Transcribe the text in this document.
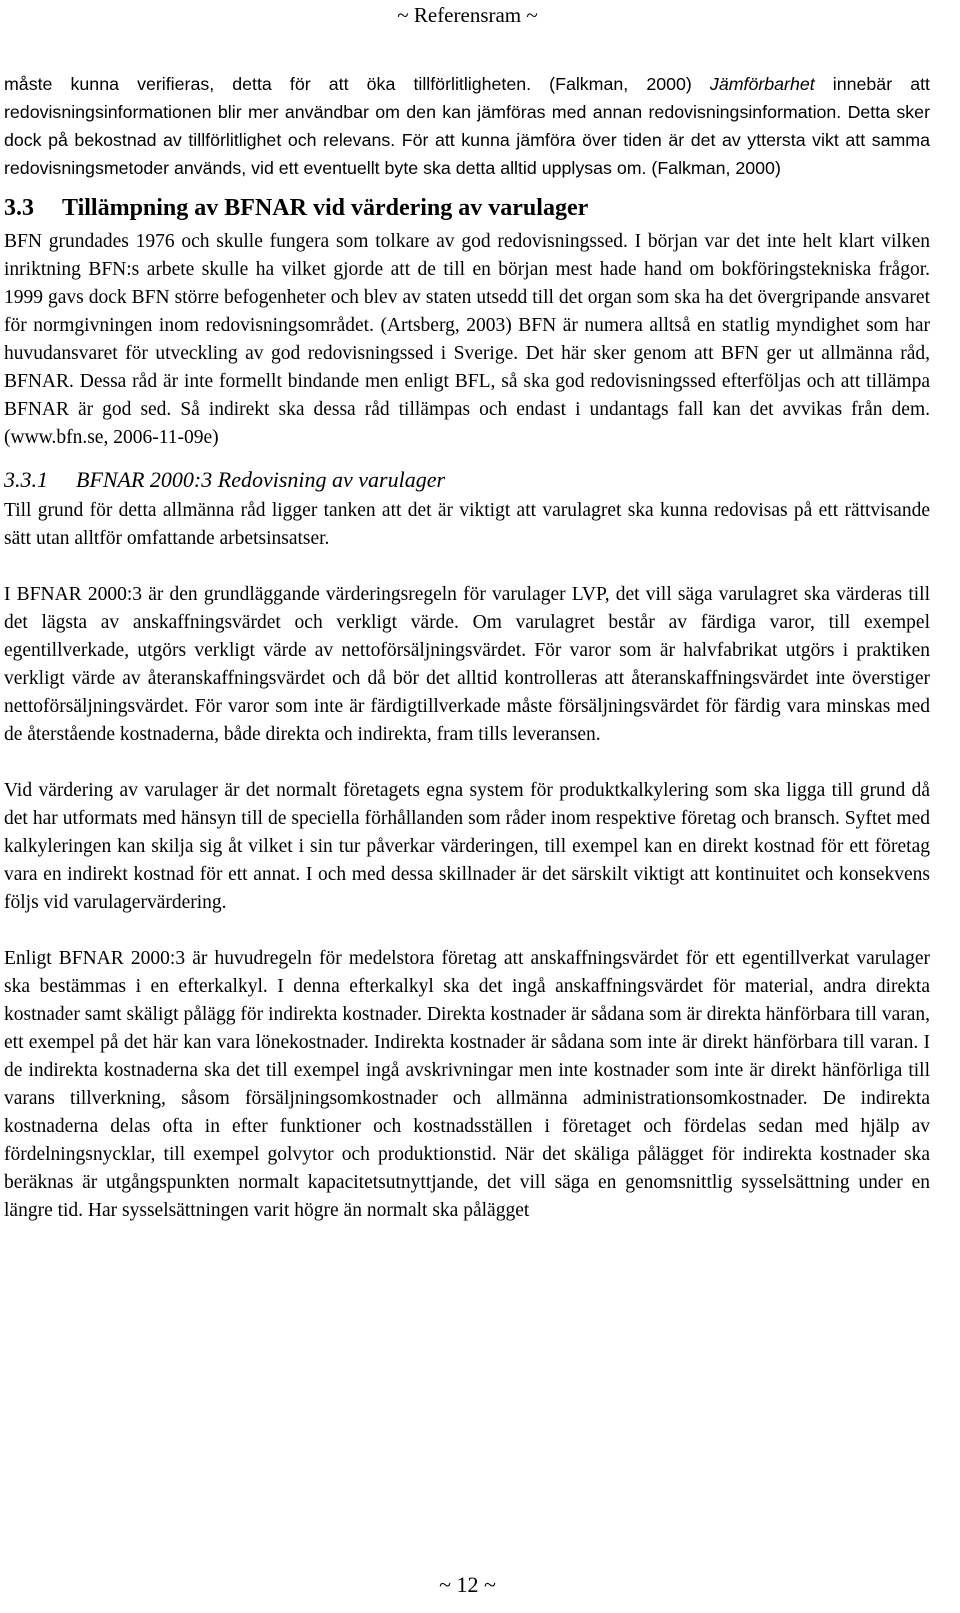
~ Referensram ~

måste kunna verifieras, detta för att öka tillförlitligheten. (Falkman, 2000) Jämförbarhet innebär att redovisningsinformationen blir mer användbar om den kan jämföras med annan redovisningsinformation. Detta sker dock på bekostnad av tillförlitlighet och relevans. För att kunna jämföra över tiden är det av yttersta vikt att samma redovisningsmetoder används, vid ett eventuellt byte ska detta alltid upplysas om. (Falkman, 2000)

3.3 Tillämpning av BFNAR vid värdering av varulager

BFN grundades 1976 och skulle fungera som tolkare av god redovisningssed. I början var det inte helt klart vilken inriktning BFN:s arbete skulle ha vilket gjorde att de till en början mest hade hand om bokföringstekniska frågor. 1999 gavs dock BFN större befogenheter och blev av staten utsedd till det organ som ska ha det övergripande ansvaret för normgivningen inom redovisningsområdet. (Artsberg, 2003) BFN är numera alltså en statlig myndighet som har huvudansvaret för utveckling av god redovisningssed i Sverige. Det här sker genom att BFN ger ut allmänna råd, BFNAR. Dessa råd är inte formellt bindande men enligt BFL, så ska god redovisningssed efterföljas och att tillämpa BFNAR är god sed. Så indirekt ska dessa råd tillämpas och endast i undantags fall kan det avvikas från dem. (www.bfn.se, 2006-11-09e)

3.3.1 BFNAR 2000:3 Redovisning av varulager

Till grund för detta allmänna råd ligger tanken att det är viktigt att varulagret ska kunna redovisas på ett rättvisande sätt utan alltför omfattande arbetsinsatser.

I BFNAR 2000:3 är den grundläggande värderingsregeln för varulager LVP, det vill säga varulagret ska värderas till det lägsta av anskaffningsvärdet och verkligt värde. Om varulagret består av färdiga varor, till exempel egentillverkade, utgörs verkligt värde av nettoförsäljningsvärdet. För varor som är halvfabrikat utgörs i praktiken verkligt värde av återanskaffningsvärdet och då bör det alltid kontrolleras att återanskaffningsvärdet inte överstiger nettoförsäljningsvärdet. För varor som inte är färdigtillverkade måste försäljningsvärdet för färdig vara minskas med de återstående kostnaderna, både direkta och indirekta, fram tills leveransen.

Vid värdering av varulager är det normalt företagets egna system för produktkalkylering som ska ligga till grund då det har utformats med hänsyn till de speciella förhållanden som råder inom respektive företag och bransch. Syftet med kalkyleringen kan skilja sig åt vilket i sin tur påverkar värderingen, till exempel kan en direkt kostnad för ett företag vara en indirekt kostnad för ett annat. I och med dessa skillnader är det särskilt viktigt att kontinuitet och konsekvens följs vid varulagervärdering.

Enligt BFNAR 2000:3 är huvudregeln för medelstora företag att anskaffningsvärdet för ett egentillverkat varulager ska bestämmas i en efterkalkyl. I denna efterkalkyl ska det ingå anskaffningsvärdet för material, andra direkta kostnader samt skäligt pålägg för indirekta kostnader. Direkta kostnader är sådana som är direkta hänförbara till varan, ett exempel på det här kan vara lönekostnader. Indirekta kostnader är sådana som inte är direkt hänförbara till varan. I de indirekta kostnaderna ska det till exempel ingå avskrivningar men inte kostnader som inte är direkt hänförliga till varans tillverkning, såsom försäljningsomkostnader och allmänna administrationsomkostnader. De indirekta kostnaderna delas ofta in efter funktioner och kostnadsställen i företaget och fördelas sedan med hjälp av fördelningsnycklar, till exempel golvytor och produktionstid. När det skäliga pålägget för indirekta kostnader ska beräknas är utgångspunkten normalt kapacitetsutnyttjande, det vill säga en genomsnittlig sysselsättning under en längre tid. Har sysselsättningen varit högre än normalt ska pålägget

~ 12 ~
